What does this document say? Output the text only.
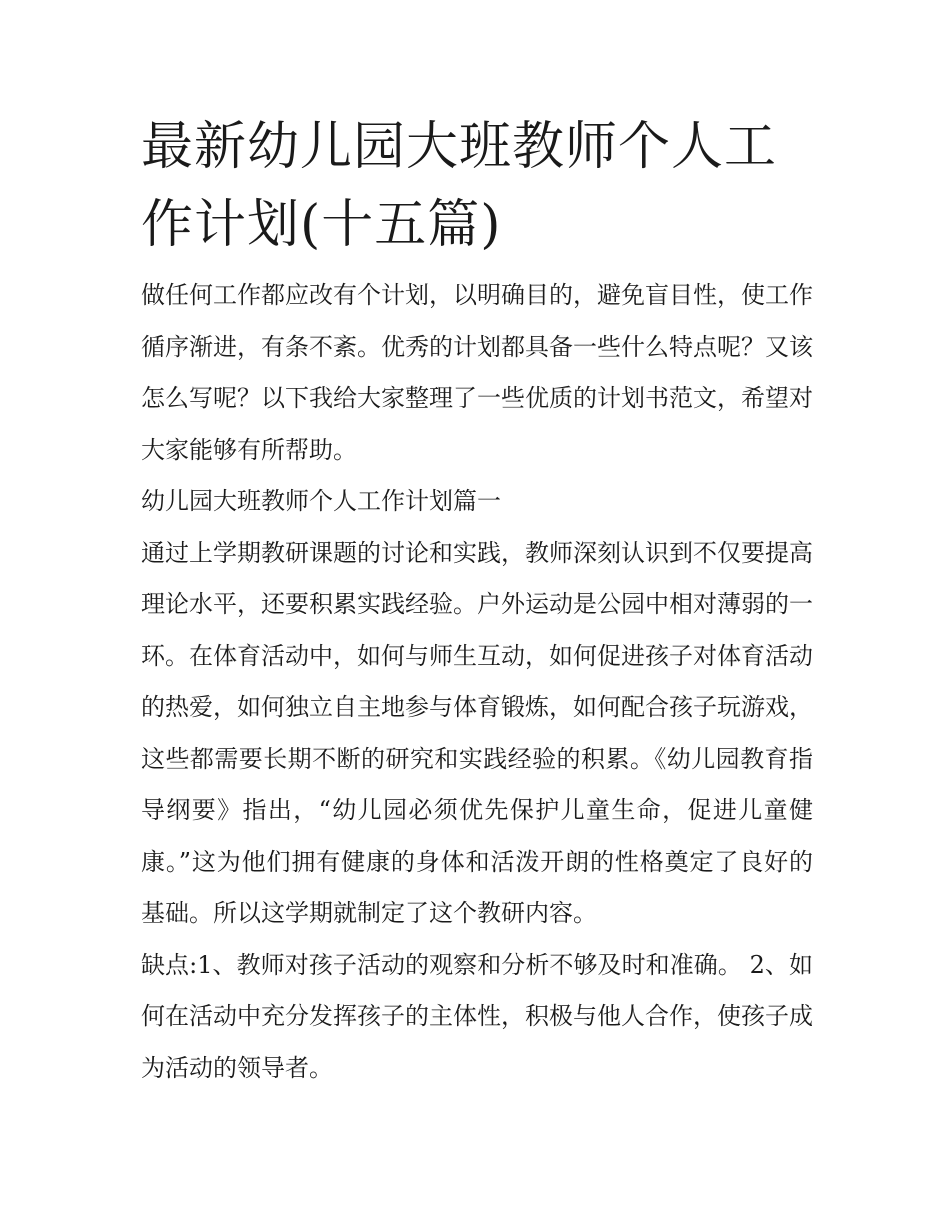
最新幼儿园大班教师个人工作计划(十五篇)

做任何工作都应改有个计划，以明确目的，避免盲目性，使工作循序渐进，有条不紊。优秀的计划都具备一些什么特点呢？又该怎么写呢？以下我给大家整理了一些优质的计划书范文，希望对大家能够有所帮助。

幼儿园大班教师个人工作计划篇一

通过上学期教研课题的讨论和实践，教师深刻认识到不仅要提高理论水平，还要积累实践经验。户外运动是公园中相对薄弱的一环。在体育活动中，如何与师生互动，如何促进孩子对体育活动的热爱，如何独立自主地参与体育锻炼，如何配合孩子玩游戏，这些都需要长期不断的研究和实践经验的积累。《幼儿园教育指导纲要》指出，“幼儿园必须优先保护儿童生命，促进儿童健康。”这为他们拥有健康的身体和活泼开朗的性格奠定了良好的基础。所以这学期就制定了这个教研内容。

缺点:1、教师对孩子活动的观察和分析不够及时和准确。 2、如何在活动中充分发挥孩子的主体性，积极与他人合作，使孩子成为活动的领导者。
